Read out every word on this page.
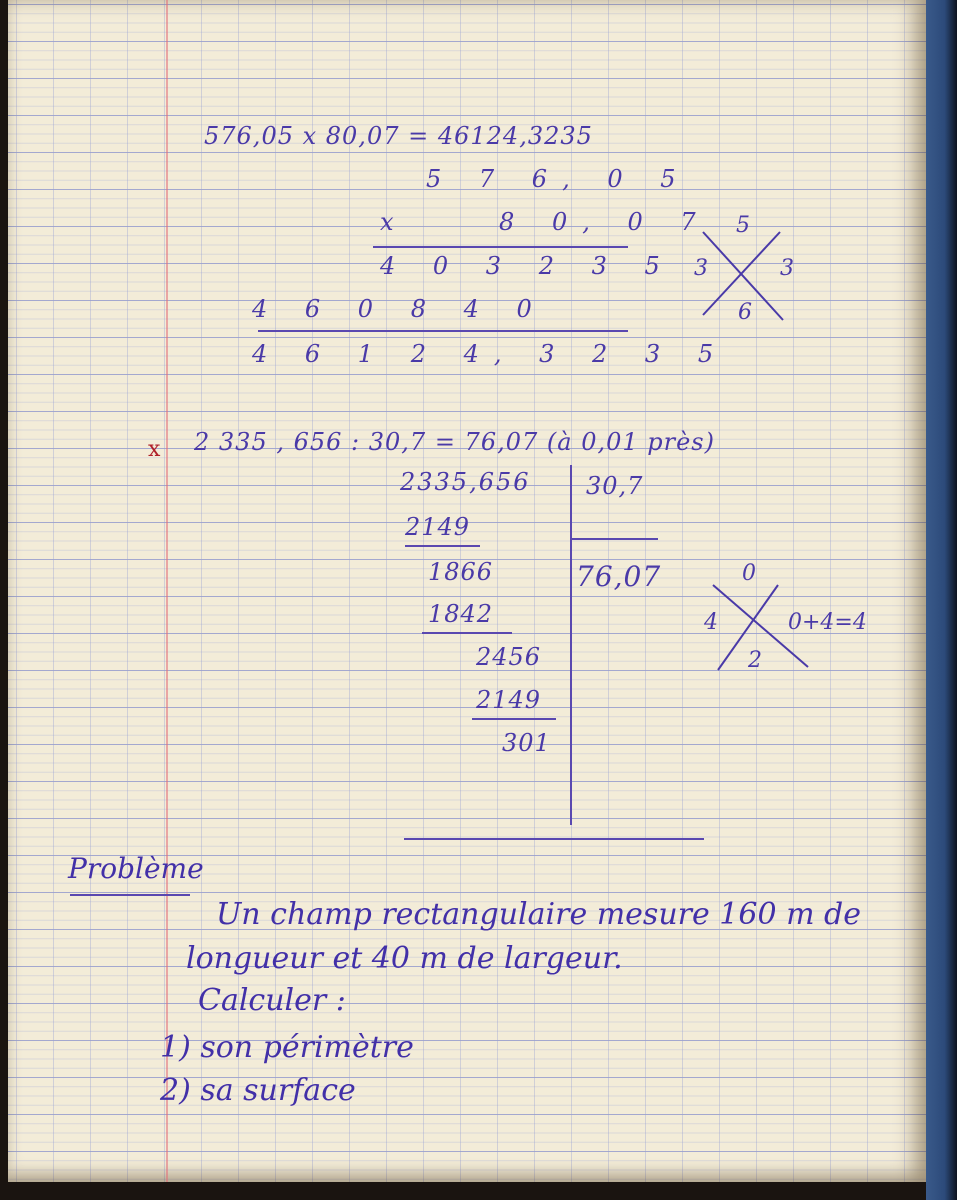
576,05 x 80,07 = 46124,3235
5 7 6, 0 5
x    8 0, 0 7
4 0 3 2 3 5
4 6 0 8 4 0
4 6 1 2 4, 3 2 3 5
5
3	3
6
x 2 335 , 656 : 30,7 = 76,07 (à 0,01 près)
2335,656 30,7
76,07
2149
1866
1842
2456
2149
301
0
4	0+4=4
2
Problème
Un champ rectangulaire mesure 160 m de
longueur et 40 m de largeur.
Calculer :
1) son périmètre
2) sa surface
